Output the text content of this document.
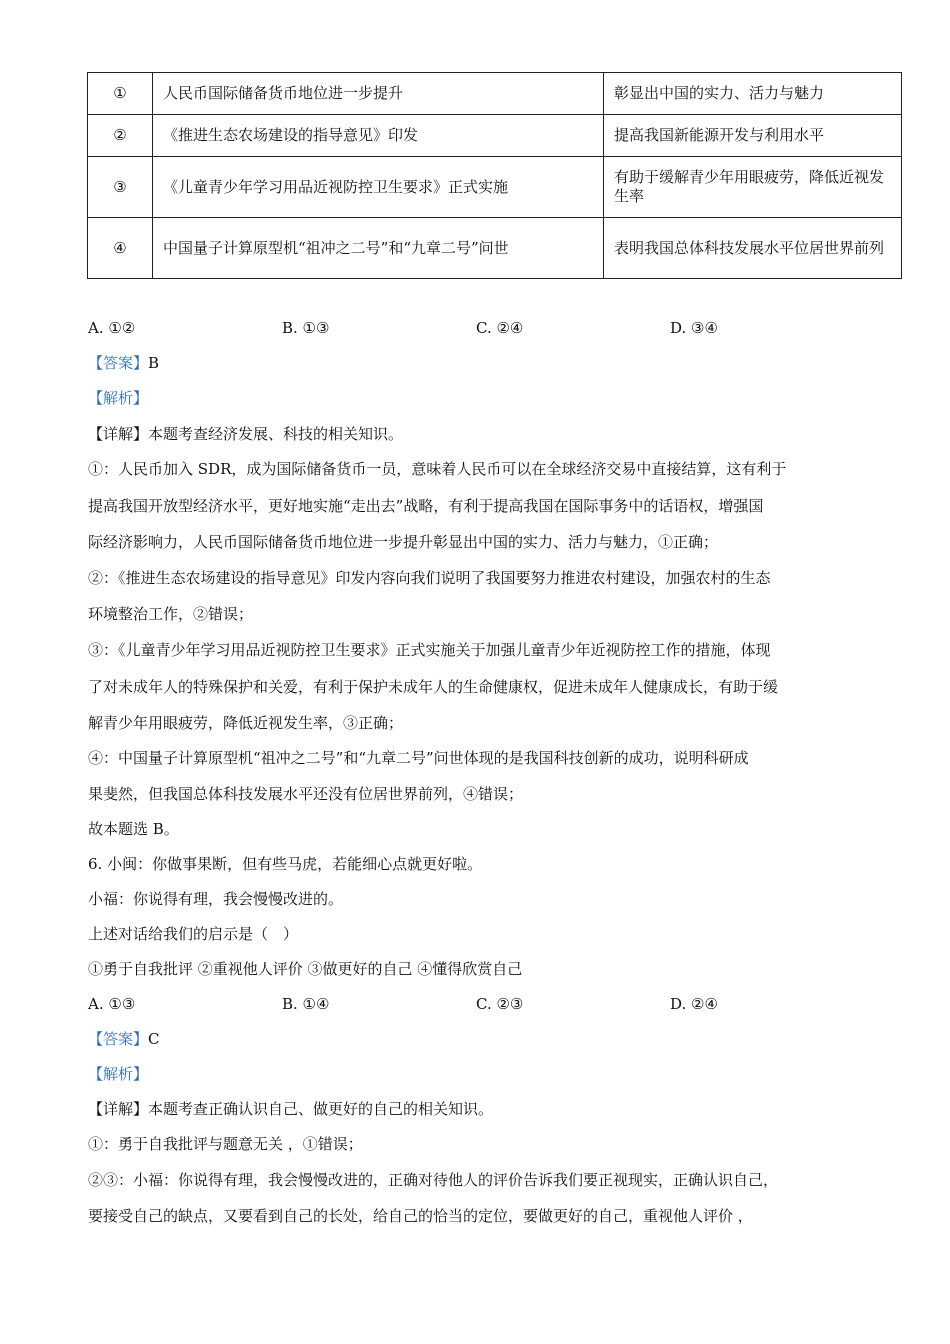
①	人民币国际储备货币地位进一步提升	彰显出中国的实力、活力与魅力
②	《推进生态农场建设的指导意见》印发	提高我国新能源开发与利用水平
③	《儿童青少年学习用品近视防控卫生要求》正式实施	有助于缓解青少年用眼疲劳，降低近视发生率
④	中国量子计算原型机“祖冲之二号”和“九章二号”问世	表明我国总体科技发展水平位居世界前列
A. ①②	B. ①③	C. ②④	D. ③④
【答案】B
【解析】
【详解】本题考查经济发展、科技的相关知识。
①：人民币加入 SDR，成为国际储备货币一员，意味着人民币可以在全球经济交易中直接结算，这有利于
提高我国开放型经济水平，更好地实施“走出去”战略，有利于提高我国在国际事务中的话语权，增强国
际经济影响力，人民币国际储备货币地位进一步提升彰显出中国的实力、活力与魅力，①正确；
②：《推进生态农场建设的指导意见》印发内容向我们说明了我国要努力推进农村建设，加强农村的生态
环境整治工作，②错误；
③：《儿童青少年学习用品近视防控卫生要求》正式实施关于加强儿童青少年近视防控工作的措施，体现
了对未成年人的特殊保护和关爱，有利于保护未成年人的生命健康权，促进未成年人健康成长，有助于缓
解青少年用眼疲劳，降低近视发生率，③正确；
④：中国量子计算原型机“祖冲之二号”和“九章二号”问世体现的是我国科技创新的成功，说明科研成
果斐然，但我国总体科技发展水平还没有位居世界前列，④错误；
故本题选 B。
6. 小闽：你做事果断，但有些马虎，若能细心点就更好啦。
小福：你说得有理，我会慢慢改进的。
上述对话给我们的启示是（　）
①勇于自我批评 ②重视他人评价 ③做更好的自己 ④懂得欣赏自己
A. ①③	B. ①④	C. ②③	D. ②④
【答案】C
【解析】
【详解】本题考查正确认识自己、做更好的自己的相关知识。
①：勇于自我批评与题意无关 ，①错误；
②③：小福：你说得有理，我会慢慢改进的，正确对待他人的评价告诉我们要正视现实，正确认识自己，
要接受自己的缺点，又要看到自己的长处，给自己的恰当的定位，要做更好的自己，重视他人评价 ，
